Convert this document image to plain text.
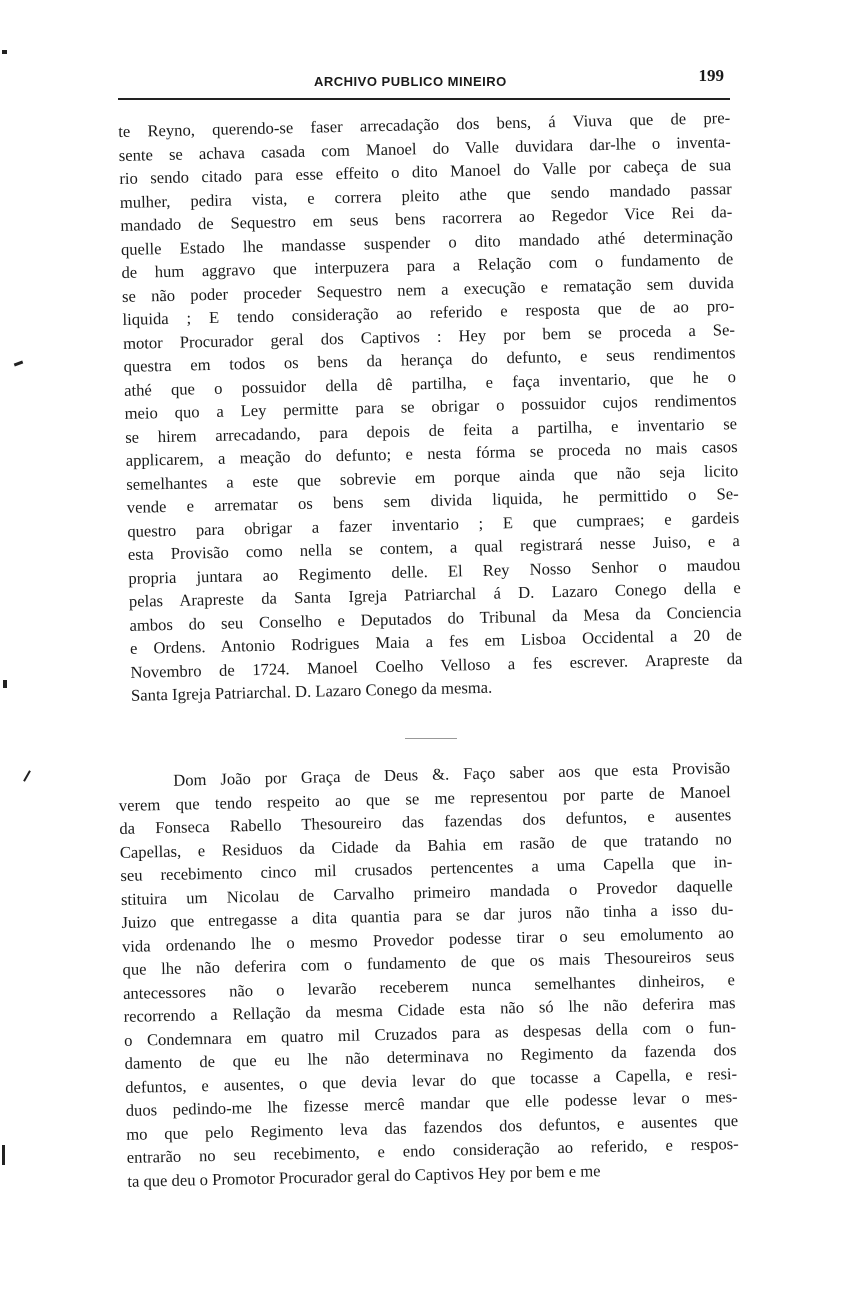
ARCHIVO PUBLICO MINEIRO	199
te Reyno, querendo-se faser arrecadação dos bens, á Viuva que de pre-
sente se achava casada com Manoel do Valle duvidara dar-lhe o inventa-
rio sendo citado para esse effeito o dito Manoel do Valle por cabeça de sua
mulher, pedira vista, e correra pleito athe que sendo mandado passar
mandado de Sequestro em seus bens racorrera ao Regedor Vice Rei da-
quelle Estado lhe mandasse suspender o dito mandado athé determinação
de hum aggravo que interpuzera para a Relação com o fundamento de
se não poder proceder Sequestro nem a execução e rematação sem duvida
liquida ; E tendo consideração ao referido e resposta que de ao pro-
motor Procurador geral dos Captivos : Hey por bem se proceda a Se-
questra em todos os bens da herança do defunto, e seus rendimentos
athé que o possuidor della dê partilha, e faça inventario, que he o
meio quo a Ley permitte para se obrigar o possuidor cujos rendimentos
se hirem arrecadando, para depois de feita a partilha, e inventario se
applicarem, a meação do defunto; e nesta fórma se proceda no mais casos
semelhantes a este que sobrevie em porque ainda que não seja licito
vende e arrematar os bens sem divida liquida, he permittido o Se-
questro para obrigar a fazer inventario ; E que cumpraes; e gardeis
esta Provisão como nella se contem, a qual registrará nesse Juiso, e a
propria juntara ao Regimento delle. El Rey Nosso Senhor o maudou
pelas Arapreste da Santa Igreja Patriarchal á D. Lazaro Conego della e
ambos do seu Conselho e Deputados do Tribunal da Mesa da Conciencia
e Ordens. Antonio Rodrigues Maia a fes em Lisboa Occidental a 20 de
Novembro de 1724. Manoel Coelho Velloso a fes escrever. Arapreste da
Santa Igreja Patriarchal. D. Lazaro Conego da mesma.
Dom João por Graça de Deus &. Faço saber aos que esta Provisão
verem que tendo respeito ao que se me representou por parte de Manoel
da Fonseca Rabello Thesoureiro das fazendas dos defuntos, e ausentes
Capellas, e Residuos da Cidade da Bahia em rasão de que tratando no
seu recebimento cinco mil crusados pertencentes a uma Capella que in-
stituira um Nicolau de Carvalho primeiro mandada o Provedor daquelle
Juizo que entregasse a dita quantia para se dar juros não tinha a isso du-
vida ordenando lhe o mesmo Provedor podesse tirar o seu emolumento ao
que lhe não deferira com o fundamento de que os mais Thesoureiros seus
antecessores não o levarão receberem nunca semelhantes dinheiros, e
recorrendo a Rellação da mesma Cidade esta não só lhe não deferira mas
o Condemnara em quatro mil Cruzados para as despesas della com o fun-
damento de que eu lhe não determinava no Regimento da fazenda dos
defuntos, e ausentes, o que devia levar do que tocasse a Capella, e resi-
duos pedindo-me lhe fizesse mercê mandar que elle podesse levar o mes-
mo que pelo Regimento leva das fazendos dos defuntos, e ausentes que
entrarão no seu recebimento, e endo consideração ao referido, e respos-
ta que deu o Promotor Procurador geral do Captivos Hey por bem e me
